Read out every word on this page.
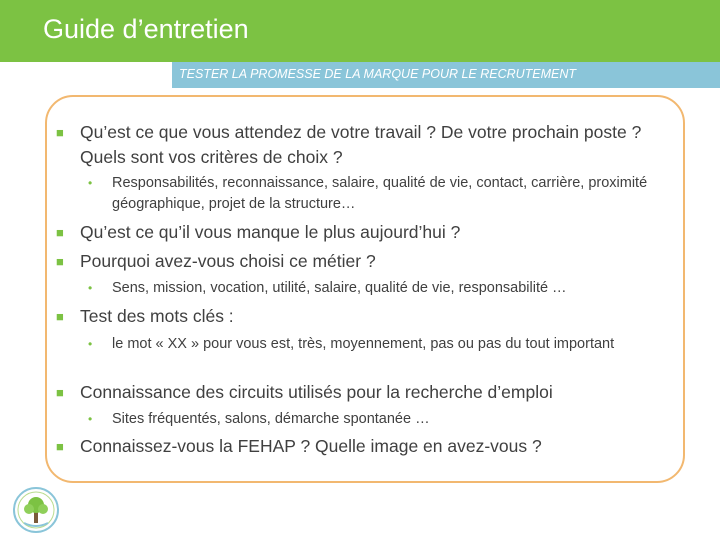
Guide d’entretien
TESTER LA PROMESSE DE LA MARQUE POUR LE RECRUTEMENT
■ Qu’est ce que vous attendez de votre travail ? De votre prochain poste ? Quels sont vos critères de choix ?
• Responsabilités, reconnaissance, salaire, qualité de vie, contact, carrière, proximité géographique, projet de la structure…
■ Qu’est ce qu’il vous manque le plus aujourd’hui ?
■ Pourquoi avez-vous choisi ce métier ?
• Sens, mission, vocation, utilité, salaire, qualité de vie, responsabilité …
■ Test des mots clés :
• le mot « XX » pour vous est, très, moyennement, pas ou pas du tout important
■ Connaissance des circuits utilisés pour la recherche d’emploi
• Sites fréquentés, salons, démarche spontanée …
■ Connaissez-vous la FEHAP ? Quelle image en avez-vous ?
